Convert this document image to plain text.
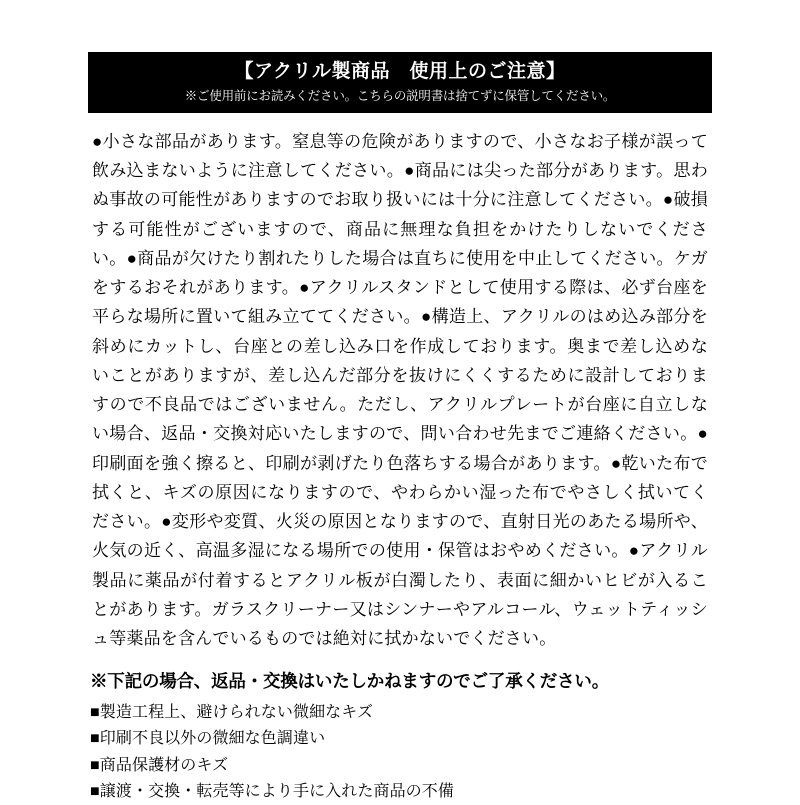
【アクリル製商品　使用上のご注意】
※ご使用前にお読みください。こちらの説明書は捨てずに保管してください。
●小さな部品があります。窒息等の危険がありますので、小さなお子様が誤って飲み込まないように注意してください。●商品には尖った部分があります。思わぬ事故の可能性がありますのでお取り扱いには十分に注意してください。●破損する可能性がございますので、商品に無理な負担をかけたりしないでください。●商品が欠けたり割れたりした場合は直ちに使用を中止してください。ケガをするおそれがあります。●アクリルスタンドとして使用する際は、必ず台座を平らな場所に置いて組み立ててください。●構造上、アクリルのはめ込み部分を斜めにカットし、台座との差し込み口を作成しております。奥まで差し込めないことがありますが、差し込んだ部分を抜けにくくするために設計しておりますので不良品ではございません。ただし、アクリルプレートが台座に自立しない場合、返品・交換対応いたしますので、問い合わせ先までご連絡ください。●印刷面を強く擦ると、印刷が剥げたり色落ちする場合があります。●乾いた布で拭くと、キズの原因になりますので、やわらかい湿った布でやさしく拭いてください。●変形や変質、火災の原因となりますので、直射日光のあたる場所や、火気の近く、高温多湿になる場所での使用・保管はおやめください。●アクリル製品に薬品が付着するとアクリル板が白濁したり、表面に細かいヒビが入ることがあります。ガラスクリーナー又はシンナーやアルコール、ウェットティッシュ等薬品を含んでいるものでは絶対に拭かないでください。
※下記の場合、返品・交換はいたしかねますのでご了承ください。
■製造工程上、避けられない微細なキズ
■印刷不良以外の微細な色調違い
■商品保護材のキズ
■譲渡・交換・転売等により手に入れた商品の不備
